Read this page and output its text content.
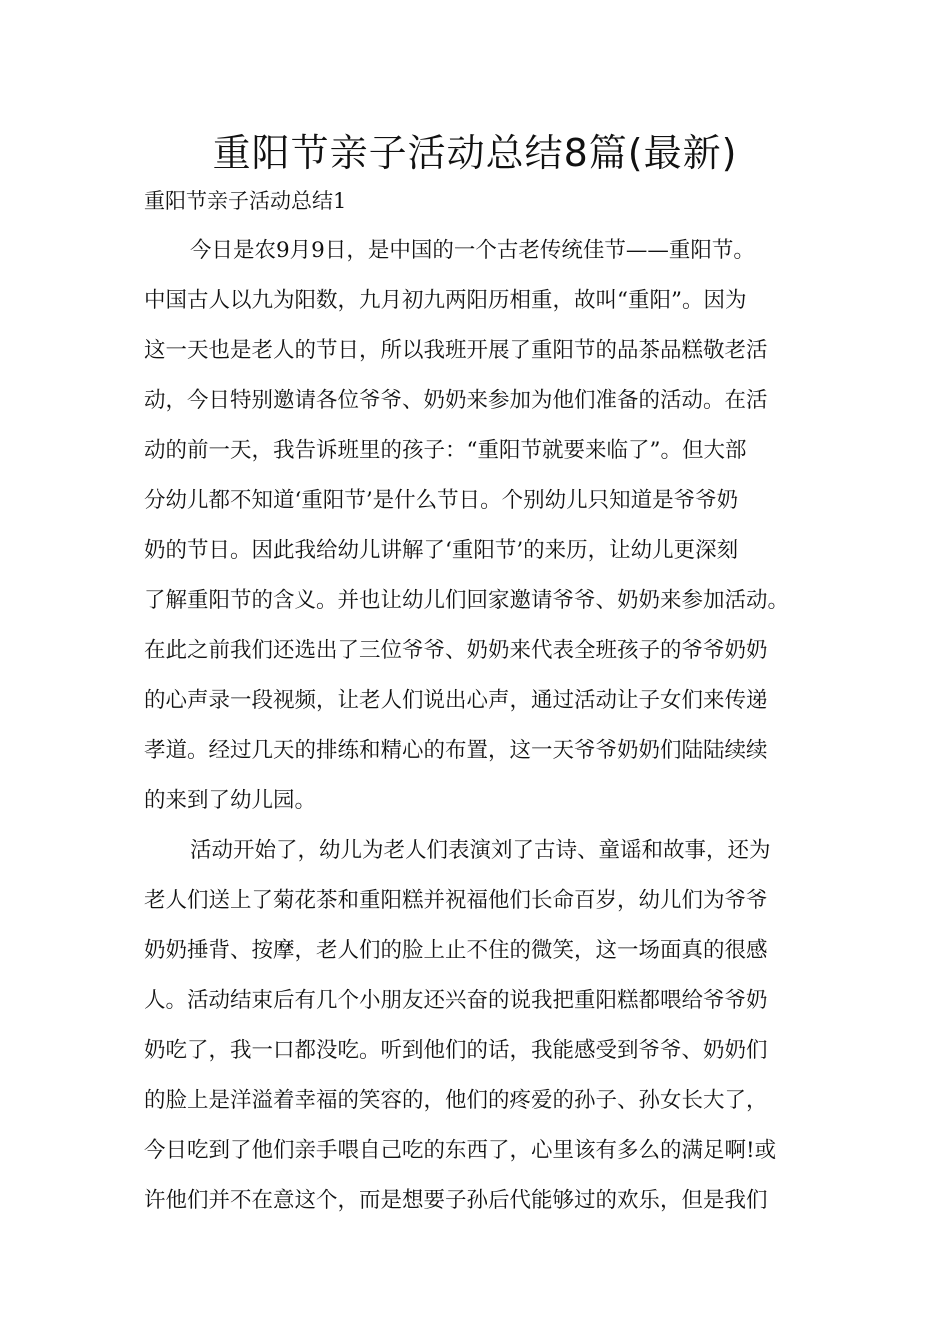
重阳节亲子活动总结8篇(最新)
重阳节亲子活动总结1
今日是农9月9日，是中国的一个古老传统佳节——重阳节。
中国古人以九为阳数，九月初九两阳历相重，故叫“重阳”。因为
这一天也是老人的节日，所以我班开展了重阳节的品茶品糕敬老活
动，今日特别邀请各位爷爷、奶奶来参加为他们准备的活动。在活
动的前一天，我告诉班里的孩子：“重阳节就要来临了”。但大部
分幼儿都不知道‘重阳节’是什么节日。个别幼儿只知道是爷爷奶
奶的节日。因此我给幼儿讲解了‘重阳节’的来历，让幼儿更深刻
了解重阳节的含义。并也让幼儿们回家邀请爷爷、奶奶来参加活动。
在此之前我们还选出了三位爷爷、奶奶来代表全班孩子的爷爷奶奶
的心声录一段视频，让老人们说出心声，通过活动让子女们来传递
孝道。经过几天的排练和精心的布置，这一天爷爷奶奶们陆陆续续
的来到了幼儿园。
活动开始了，幼儿为老人们表演刘了古诗、童谣和故事，还为
老人们送上了菊花茶和重阳糕并祝福他们长命百岁，幼儿们为爷爷
奶奶捶背、按摩，老人们的脸上止不住的微笑，这一场面真的很感
人。活动结束后有几个小朋友还兴奋的说我把重阳糕都喂给爷爷奶
奶吃了，我一口都没吃。听到他们的话，我能感受到爷爷、奶奶们
的脸上是洋溢着幸福的笑容的，他们的疼爱的孙子、孙女长大了，
今日吃到了他们亲手喂自己吃的东西了，心里该有多么的满足啊!或
许他们并不在意这个，而是想要子孙后代能够过的欢乐，但是我们
